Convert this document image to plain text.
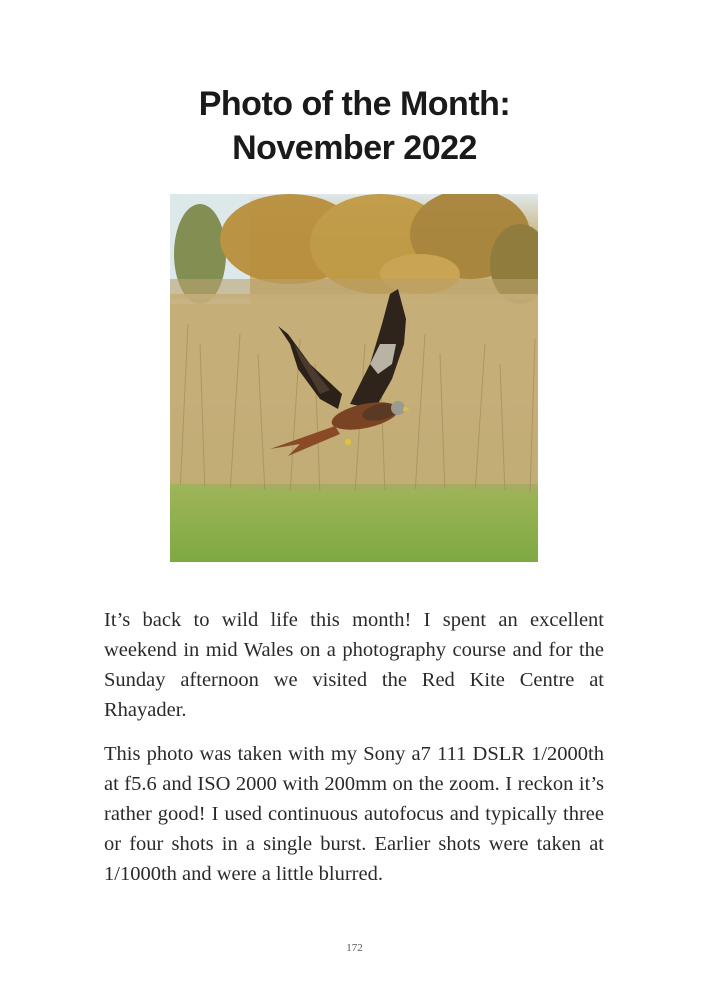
Photo of the Month:
November 2022

It’s back to wild life this month! I spent an excellent weekend in mid Wales on a photography course and for the Sunday afternoon we visited the Red Kite Centre at Rhayader.

This photo was taken with my Sony a7 111 DSLR 1/2000th at f5.6 and ISO 2000 with 200mm on the zoom. I reckon it’s rather good! I used continuous autofocus and typically three or four shots in a single burst. Earlier shots were taken at 1/1000th and were a little blurred.

172
